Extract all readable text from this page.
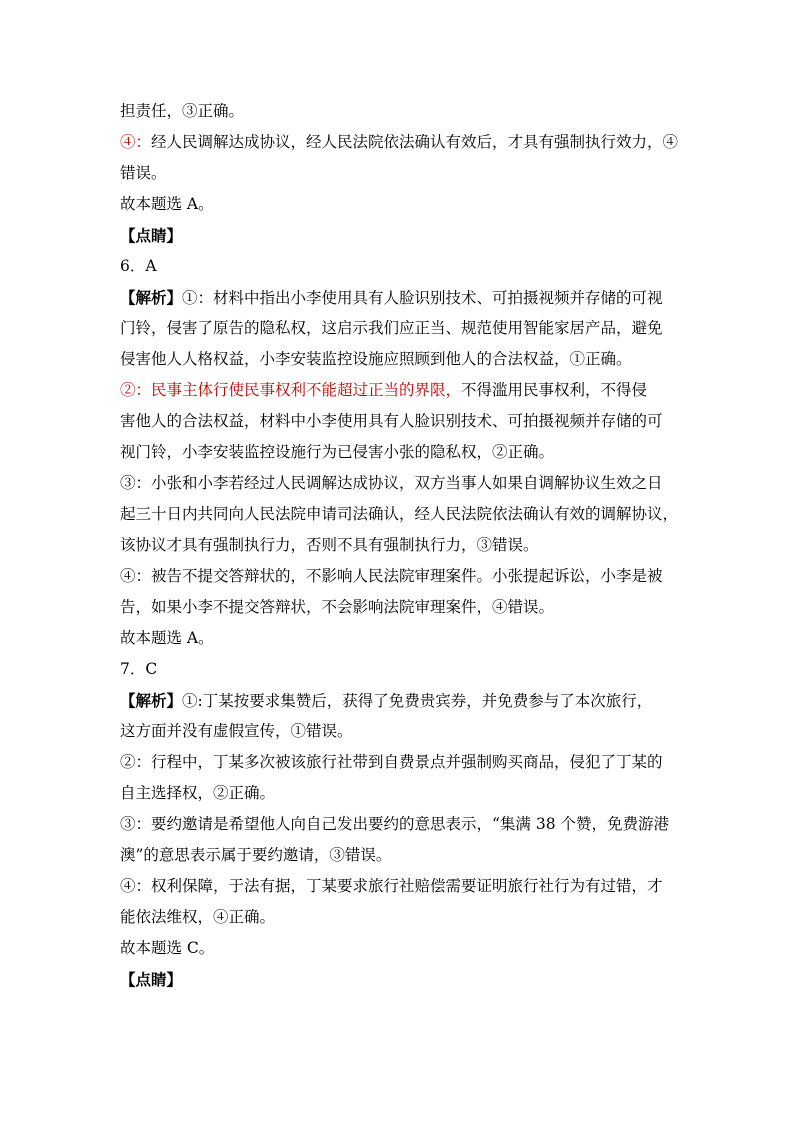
担责任，③正确。
④：经人民调解达成协议，经人民法院依法确认有效后，才具有强制执行效力，④
错误。
故本题选 A。
【点睛】
6．A
【解析】①：材料中指出小李使用具有人脸识别技术、可拍摄视频并存储的可视
门铃，侵害了原告的隐私权，这启示我们应正当、规范使用智能家居产品，避免
侵害他人人格权益，小李安装监控设施应照顾到他人的合法权益，①正确。
②：民事主体行使民事权利不能超过正当的界限，不得滥用民事权利，不得侵
害他人的合法权益，材料中小李使用具有人脸识别技术、可拍摄视频并存储的可
视门铃，小李安装监控设施行为已侵害小张的隐私权，②正确。
③：小张和小李若经过人民调解达成协议，双方当事人如果自调解协议生效之日
起三十日内共同向人民法院申请司法确认，经人民法院依法确认有效的调解协议，
该协议才具有强制执行力，否则不具有强制执行力，③错误。
④：被告不提交答辩状的，不影响人民法院审理案件。小张提起诉讼，小李是被
告，如果小李不提交答辩状，不会影响法院审理案件，④错误。
故本题选 A。
7．C
【解析】①:丁某按要求集赞后，获得了免费贵宾券，并免费参与了本次旅行，
这方面并没有虚假宣传，①错误。
②：行程中，丁某多次被该旅行社带到自费景点并强制购买商品，侵犯了丁某的
自主选择权，②正确。
③：要约邀请是希望他人向自己发出要约的意思表示，“集满 38 个赞，免费游港
澳”的意思表示属于要约邀请，③错误。
④：权利保障，于法有据，丁某要求旅行社赔偿需要证明旅行社行为有过错，才
能依法维权，④正确。
故本题选 C。
【点睛】
